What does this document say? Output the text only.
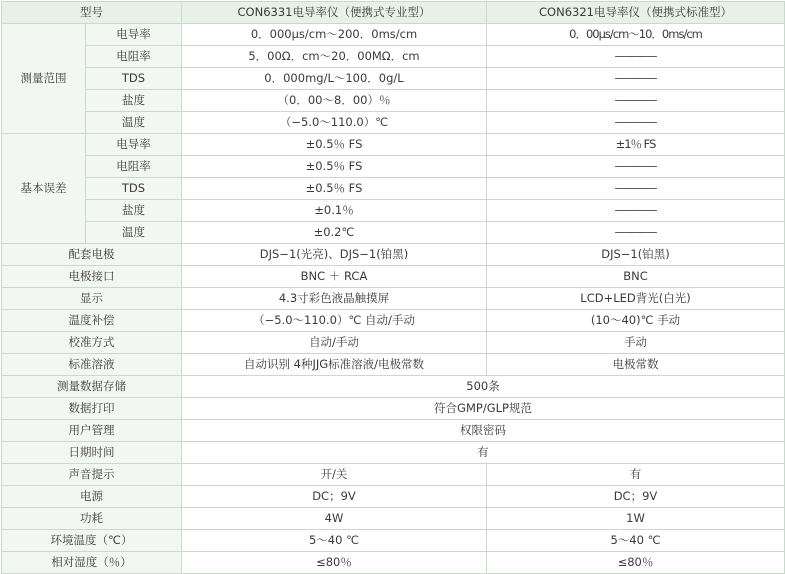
型号		CON6331电导率仪（便携式专业型）	CON6321电导率仪（便携式标准型）
测量范围	电导率	0．000μs/cm～200．0ms/cm	0．00μs/cm～10．0ms/cm
	电阻率	5．00Ω．cm～20．00MΩ．cm	————
	TDS	0．000mg/L～100．0g/L	————
	盐度	（0．00～8．00）％	————
	温度	（−5.0～110.0）℃	————
基本误差	电导率	±0.5％ FS	±1％ FS
	电阻率	±0.5％ FS	————
	TDS	±0.5％ FS	————
	盐度	±0.1％	————
	温度	±0.2℃	————
配套电极		DJS−1(光亮)、DJS−1(铂黑)	DJS−1(铂黑)
电极接口		BNC ＋ RCA	BNC
显示		4.3寸彩色液晶触摸屏	LCD+LED背光(白光)
温度补偿		（−5.0～110.0）℃ 自动/手动	(10～40)℃ 手动
校准方式		自动/手动	手动
标准溶液		自动识别 4种JJG标准溶液/电极常数	电极常数
测量数据存储		500条	
数据打印		符合GMP/GLP规范	
用户管理		权限密码	
日期时间		有	
声音提示		开/关	有
电源		DC；9V	DC；9V
功耗		4W	1W
环境温度（℃）		5～40 ℃	5～40 ℃
相对湿度（％）		≤80％	≤80％
